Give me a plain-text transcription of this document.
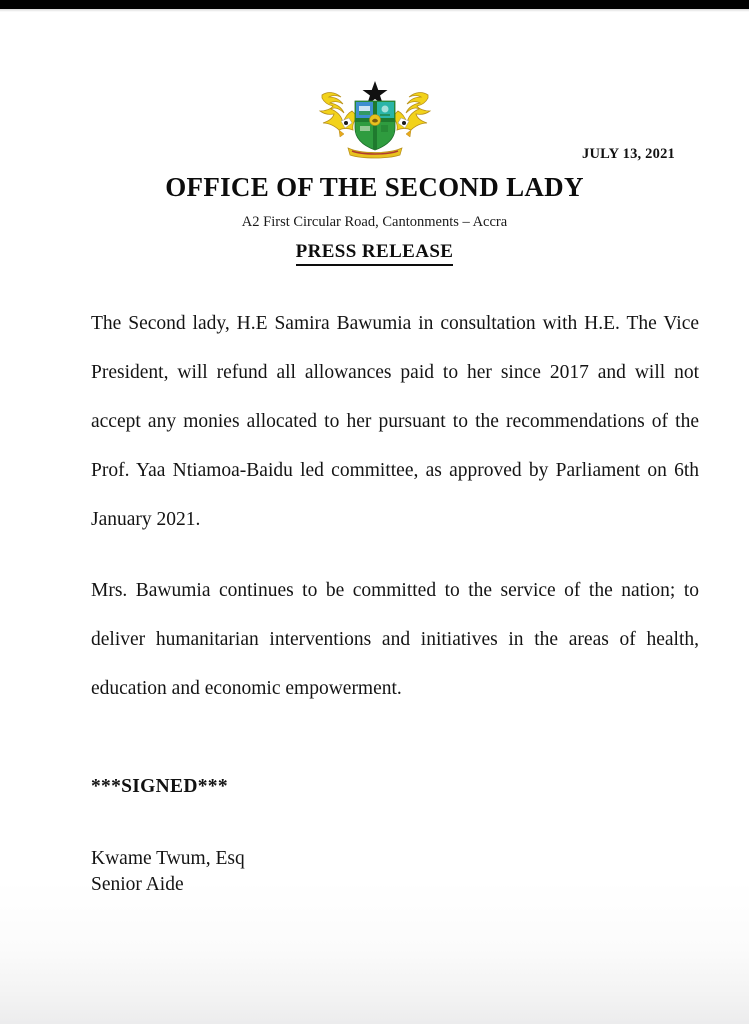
JULY 13, 2021
OFFICE OF THE SECOND LADY
A2 First Circular Road, Cantonments – Accra
PRESS RELEASE

The Second lady, H.E Samira Bawumia in consultation with H.E. The Vice President, will refund all allowances paid to her since 2017 and will not accept any monies allocated to her pursuant to the recommendations of the Prof. Yaa Ntiamoa-Baidu led committee, as approved by Parliament on 6th January 2021.

Mrs. Bawumia continues to be committed to the service of the nation; to deliver humanitarian interventions and initiatives in the areas of health, education and economic empowerment.

***SIGNED***

Kwame Twum, Esq

Senior Aide
